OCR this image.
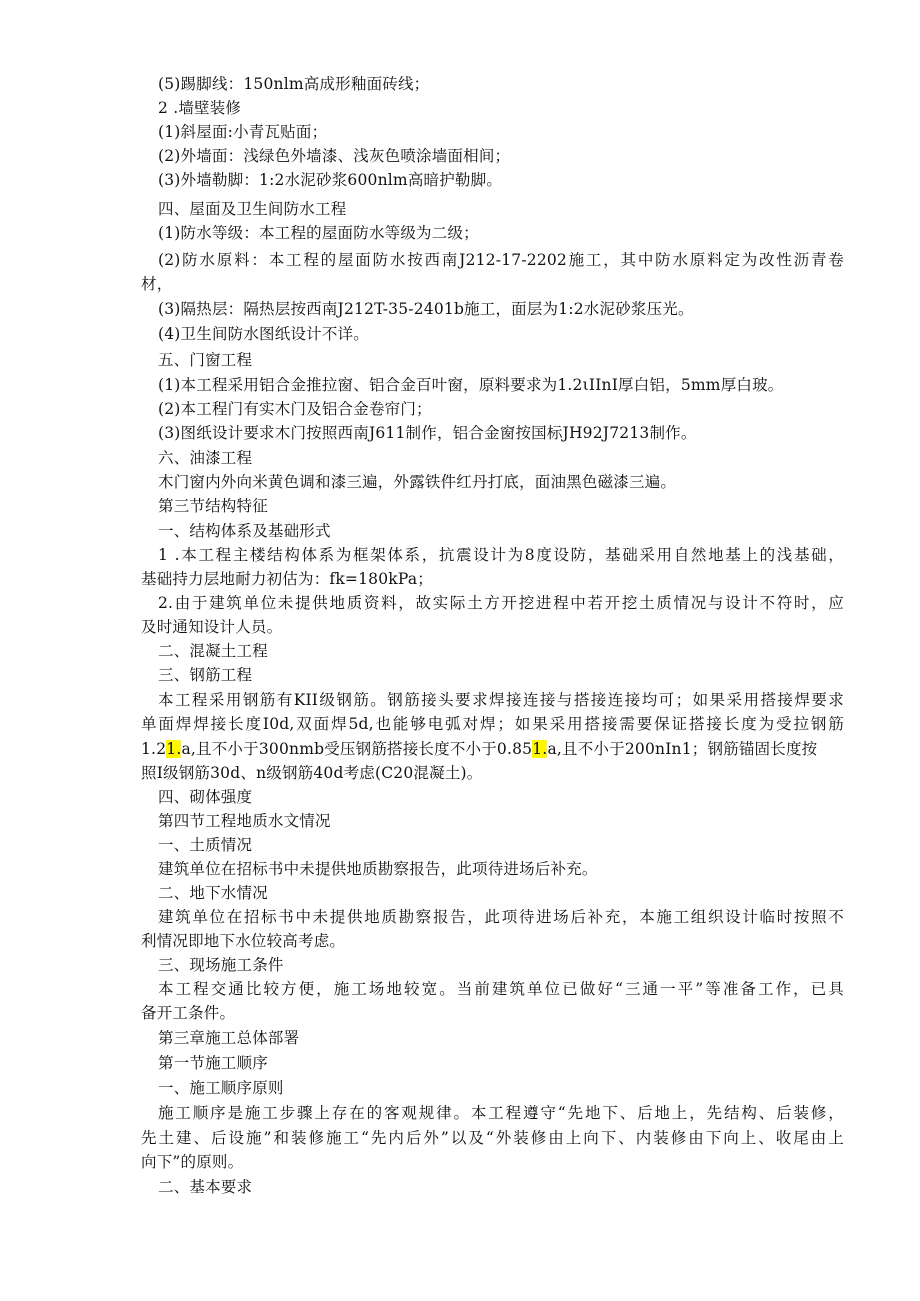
(5)踢脚线：150nlm高成形釉面砖线；
2 .墙壁装修
(1)斜屋面:小青瓦贴面；
(2)外墙面：浅绿色外墙漆、浅灰色喷涂墙面相间；
(3)外墙勒脚：1:2水泥砂浆600nlm高暗护勒脚。
四、屋面及卫生间防水工程
(1)防水等级：本工程的屋面防水等级为二级；
(2)防水原料：本工程的屋面防水按西南J212-17-2202施工，其中防水原料定为改性沥青卷
材，
(3)隔热层：隔热层按西南J212T-35-2401b施工，面层为1:2水泥砂浆压光。
(4)卫生间防水图纸设计不详。
五、门窗工程
(1)本工程采用铝合金推拉窗、铝合金百叶窗，原料要求为1.2ιIInI厚白铝，5mm厚白玻。
(2)本工程门有实木门及铝合金卷帘门；
(3)图纸设计要求木门按照西南J611制作，铝合金窗按国标JH92J7213制作。
六、油漆工程
木门窗内外向米黄色调和漆三遍，外露铁件红丹打底，面油黑色磁漆三遍。
第三节结构特征
一、结构体系及基础形式
1 .本工程主楼结构体系为框架体系，抗震设计为8度设防，基础采用自然地基上的浅基础，
基础持力层地耐力初估为：fk=180kPa；
2.由于建筑单位未提供地质资料，故实际土方开挖进程中若开挖土质情况与设计不符时，应
及时通知设计人员。
二、混凝土工程
三、钢筋工程
本工程采用钢筋有KII级钢筋。钢筋接头要求焊接连接与搭接连接均可；如果采用搭接焊要求
单面焊焊接长度I0d,双面焊5d,也能够电弧对焊；如果采用搭接需要保证搭接长度为受拉钢筋
1.21.a,且不小于300nmb受压钢筋搭接长度不小于0.851.a,且不小于200nIn1；钢筋锚固长度按
照I级钢筋30d、n级钢筋40d考虑(C20混凝土)。
四、砌体强度
第四节工程地质水文情况
一、土质情况
建筑单位在招标书中未提供地质勘察报告，此项待进场后补充。
二、地下水情况
建筑单位在招标书中未提供地质勘察报告，此项待进场后补充，本施工组织设计临时按照不
利情况即地下水位较高考虑。
三、现场施工条件
本工程交通比较方便，施工场地较宽。当前建筑单位已做好“三通一平”等准备工作，已具
备开工条件。
第三章施工总体部署
第一节施工顺序
一、施工顺序原则
施工顺序是施工步骤上存在的客观规律。本工程遵守“先地下、后地上，先结构、后装修，
先土建、后设施”和装修施工“先内后外”以及“外装修由上向下、内装修由下向上、收尾由上
向下”的原则。
二、基本要求
